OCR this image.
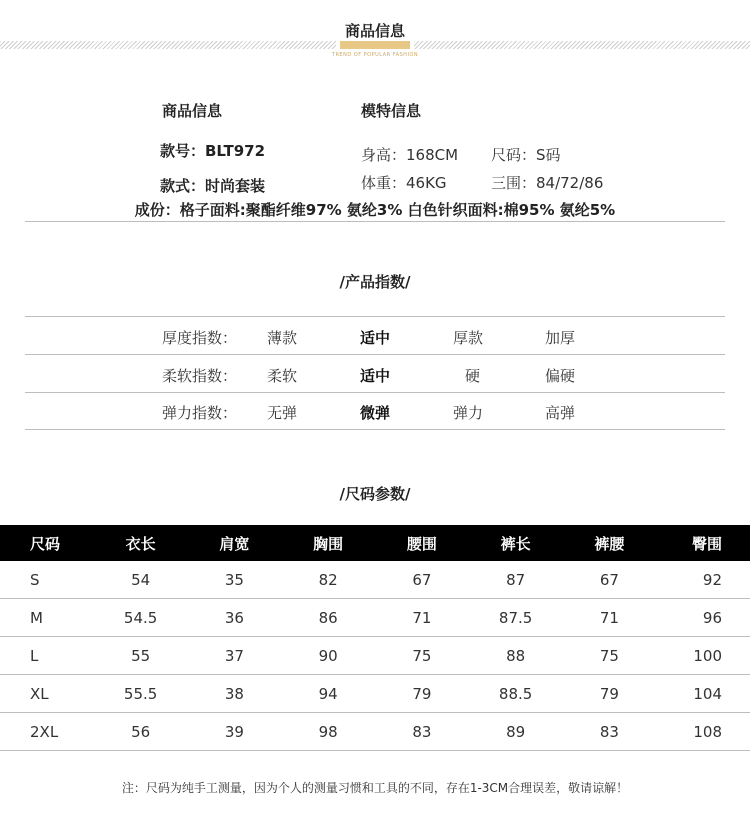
商品信息
TREND OF POPULAR FASHION
商品信息	模特信息
款号：BLT972
款式：时尚套装
身高：168CM 尺码：S码
体重：46KG	三围：84/72/86
成份：格子面料:聚酯纤维97% 氨纶3% 白色针织面料:棉95% 氨纶5%
/产品指数/
厚度指数： 薄款	适中	厚款	加厚
柔软指数： 柔软	适中	硬	偏硬
弹力指数： 无弹	微弹	弹力	高弹
/尺码参数/
尺码	衣长	肩宽	胸围	腰围	裤长	裤腰	臀围
S	54	35	82	67	87	67	92
M	54.5	36	86	71	87.5	71	96
L	55	37	90	75	88	75	100
XL	55.5	38	94	79	88.5	79	104
2XL	56	39	98	83	89	83	108
注：尺码为纯手工测量，因为个人的测量习惯和工具的不同，存在1-3CM合理误差，敬请谅解！
